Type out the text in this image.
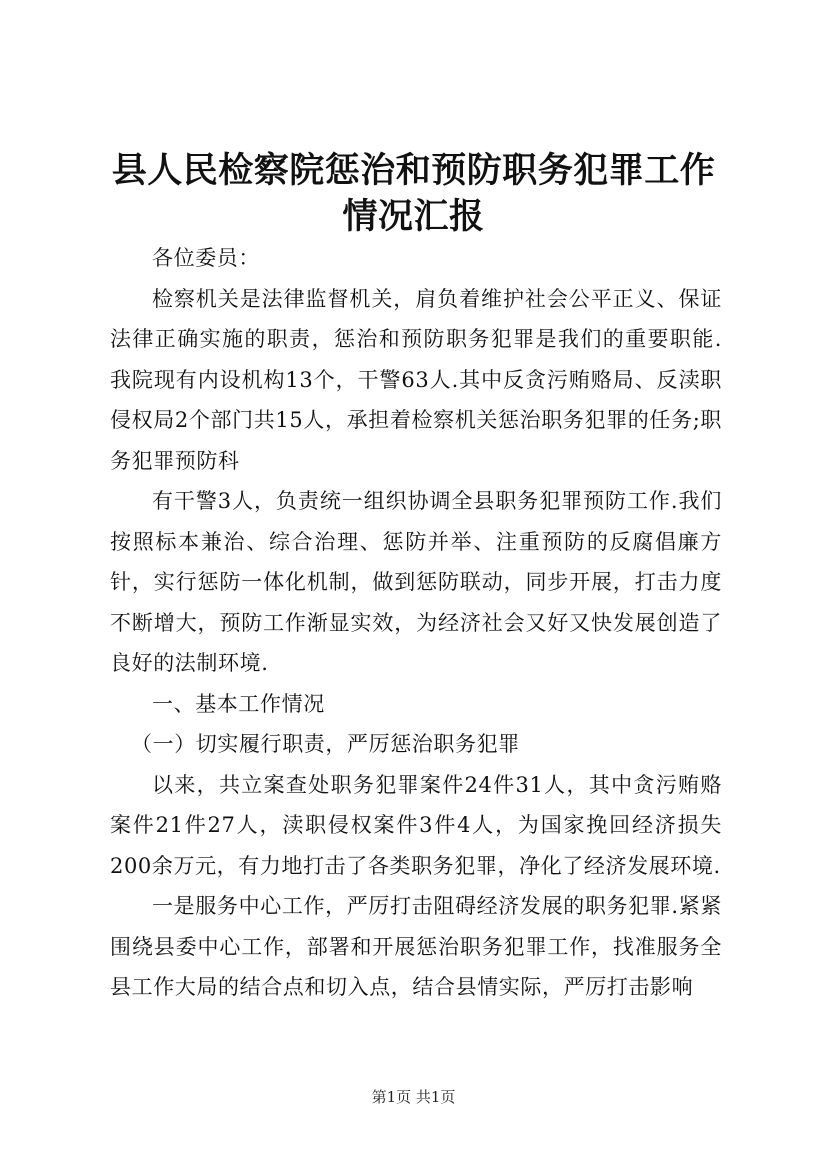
县人民检察院惩治和预防职务犯罪工作情况汇报

各位委员：

检察机关是法律监督机关，肩负着维护社会公平正义、保证法律正确实施的职责，惩治和预防职务犯罪是我们的重要职能.我院现有内设机构13个，干警63人.其中反贪污贿赂局、反渎职侵权局2个部门共15人，承担着检察机关惩治职务犯罪的任务;职务犯罪预防科

有干警3人，负责统一组织协调全县职务犯罪预防工作.我们按照标本兼治、综合治理、惩防并举、注重预防的反腐倡廉方针，实行惩防一体化机制，做到惩防联动，同步开展，打击力度不断增大，预防工作渐显实效，为经济社会又好又快发展创造了良好的法制环境.

一、基本工作情况

（一）切实履行职责，严厉惩治职务犯罪

以来，共立案查处职务犯罪案件24件31人，其中贪污贿赂案件21件27人，渎职侵权案件3件4人，为国家挽回经济损失200余万元，有力地打击了各类职务犯罪，净化了经济发展环境.

一是服务中心工作，严厉打击阻碍经济发展的职务犯罪.紧紧围绕县委中心工作，部署和开展惩治职务犯罪工作，找准服务全县工作大局的结合点和切入点，结合县情实际，严厉打击影响

第1页 共1页
